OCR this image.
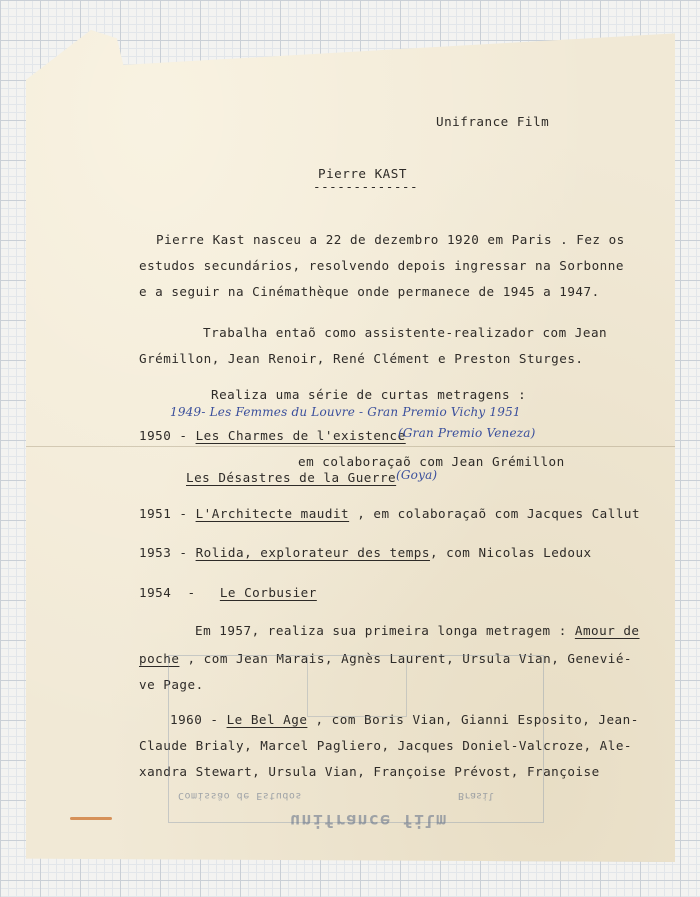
Unifrance Film
Pierre KAST
-------------
Pierre Kast nasceu a 22 de dezembro 1920 em Paris . Fez os
estudos secundários, resolvendo depois ingressar na Sorbonne
e a seguir na Cinémathèque onde permanece de 1945 a 1947.
Trabalha entaõ como assistente-realizador com Jean
Grémillon, Jean Renoir, René Clément e Preston Sturges.
Realiza uma série de curtas metragens :
1949- Les Femmes du Louvre - Gran Premio Vichy 1951
1950 - Les Charmes de l'existence
(Gran Premio Veneza)
em colaboraçaõ com Jean Grémillon
Les Désastres de la Guerre (Goya)
1951 - L'Architecte maudit , em colaboraçaõ com Jacques Callut
1953 - Rolida, explorateur des temps, com Nicolas Ledoux
1954  -   Le Corbusier
Em 1957, realiza sua primeira longa metragem : Amour de
poche , com Jean Marais, Agnès Laurent, Ursula Vian, Genevié-
ve Page.
1960 - Le Bel Age , com Boris Vian, Gianni Esposito, Jean-
Claude Brialy, Marcel Pagliero, Jacques Doniel-Valcroze, Ale-
xandra Stewart, Ursula Vian, Françoise Prévost, Françoise
Comissão de Estudos	Brasil
unifrance film
